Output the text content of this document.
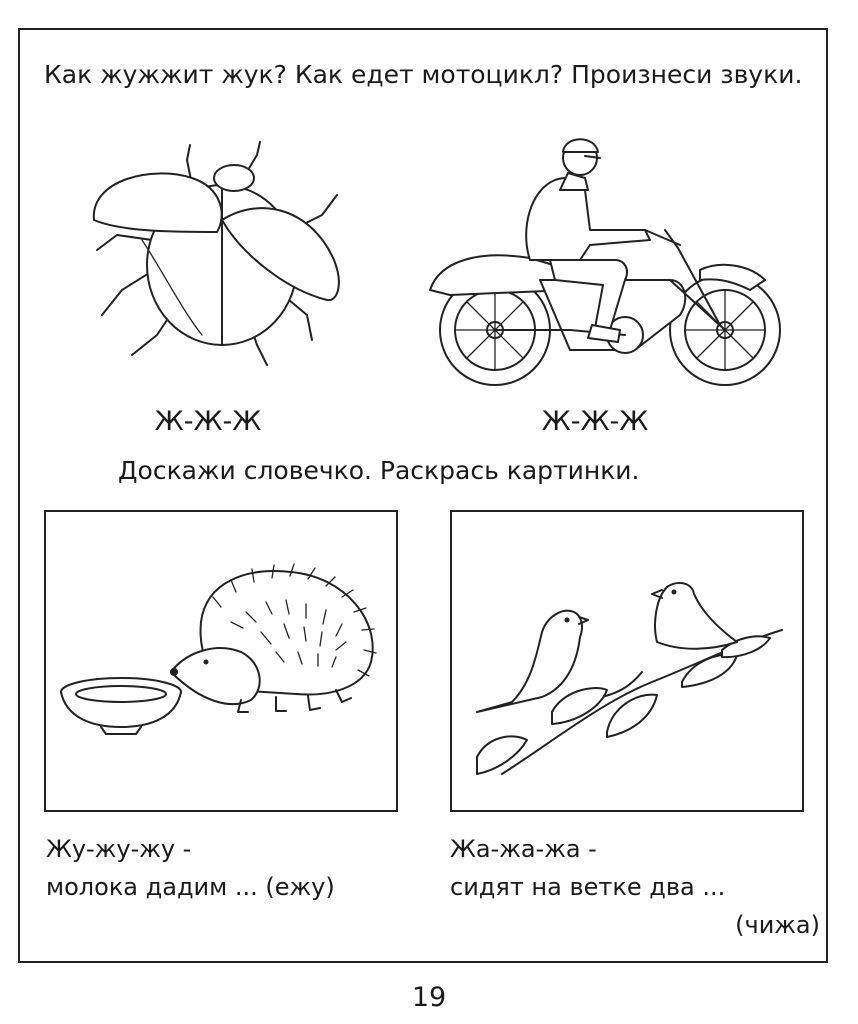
Как жужжит жук? Как едет мотоцикл? Произнеси звуки.

Ж-Ж-Ж	Ж-Ж-Ж

Доскажи словечко. Раскрась картинки.

Жу-жу-жу -
молока дадим ... (ежу)
Жа-жа-жа -
сидят на ветке два ...
(чижа)
19
